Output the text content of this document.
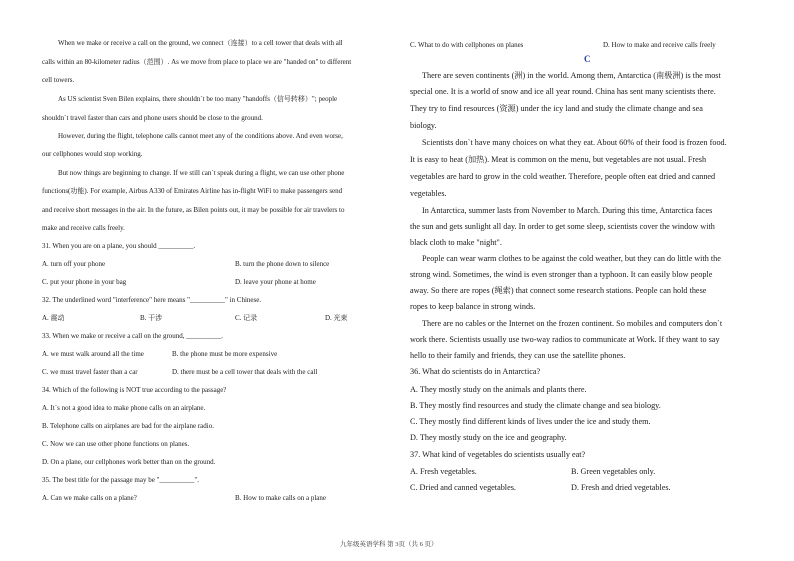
When we make or receive a call on the ground, we connect（连接）to a cell tower that deals with all
calls within an 80-kilometer radius（范围）. As we move from place to place we are "handed on" to different
cell towers.
As US scientist Sven Bilen explains, there shouldn`t be too many "handoffs（信号转移）"; people
shouldn`t travel faster than cars and phone users should be close to the ground.
However, during the flight, telephone calls cannot meet any of the conditions above. And even worse,
our cellphones would stop working.
But now things are beginning to change. If we still can`t speak during a flight, we can use other phone
functions(功能). For example, Airbus A330 of Emirates Airline has in-flight WiFi to make passengers send
and receive short messages in the air. In the future, as Bilen points out, it may be possible for air travelers to
make and receive calls freely.
31. When you are on a plane, you should __________.
A. turn off your phone	B. turn the phone down to silence
C. put your phone in your bag	D. leave your phone at home
32. The underlined word "interference" here means "__________" in Chinese.
A. 震动	B. 干涉	C. 记录	D. 光束
33. When we make or receive a call on the ground, __________.
A. we must walk around all the time	B. the phone must be more expensive
C. we must travel faster than a car	D. there must be a cell tower that deals with the call
34. Which of the following is NOT true according to the passage?
A. It`s not a good idea to make phone calls on an airplane.
B. Telephone calls on airplanes are bad for the airplane radio.
C. Now we can use other phone functions on planes.
D. On a plane, our cellphones work better than on the ground.
35. The best title for the passage may be "__________".
A. Can we make calls on a plane?	B. How to make calls on a plane
C. What to do with cellphones on planes	D. How to make and receive calls freely
C
There are seven continents (洲) in the world. Among them, Antarctica (南极洲) is the most
special one. It is a world of snow and ice all year round. China has sent many scientists there.
They try to find resources (资源) under the icy land and study the climate change and sea
biology.
Scientists don`t have many choices on what they eat. About 60% of their food is frozen food.
It is easy to heat (加热). Meat is common on the menu, but vegetables are not usual. Fresh
vegetables are hard to grow in the cold weather. Therefore, people often eat dried and canned
vegetables.
In Antarctica, summer lasts from November to March. During this time, Antarctica faces
the sun and gets sunlight all day. In order to get some sleep, scientists cover the window with
black cloth to make "night".
People can wear warm clothes to be against the cold weather, but they can do little with the
strong wind. Sometimes, the wind is even stronger than a typhoon. It can easily blow people
away. So there are ropes (绳索) that connect some research stations. People can hold these
ropes to keep balance in strong winds.
There are no cables or the Internet on the frozen continent. So mobiles and computers don`t
work there. Scientists usually use two-way radios to communicate at Work. If they want to say
hello to their family and friends, they can use the satellite phones.
36. What do scientists do in Antarctica?
A. They mostly study on the animals and plants there.
B. They mostly find resources and study the climate change and sea biology.
C. They mostly find different kinds of lives under the ice and study them.
D. They mostly study on the ice and geography.
37. What kind of vegetables do scientists usually eat?
A. Fresh vegetables.	B. Green vegetables only.
C. Dried and canned vegetables.	D. Fresh and dried vegetables.
九年级英语学科 第 3页（共 6 页）
